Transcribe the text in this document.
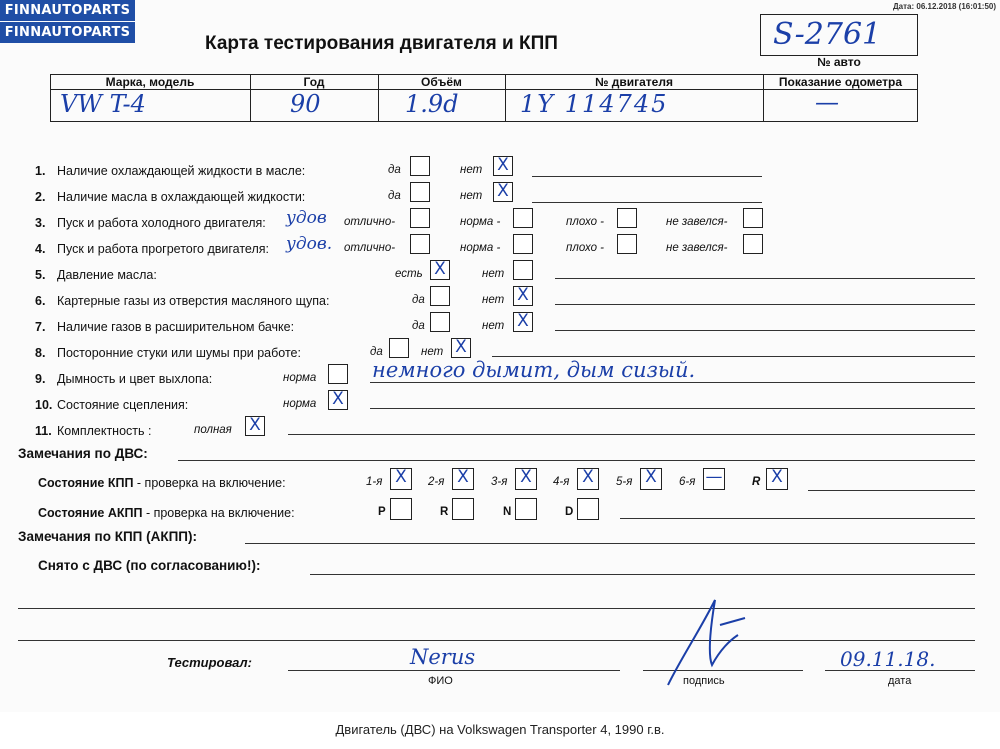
FINNAUTOPARTS
FINNAUTOPARTS
Дата: 06.12.2018 (16:01:50)
Карта тестирования двигателя и КПП	S-2761
№ авто
Марка, модель	Год	Объём	№ двигателя	Показание одометра
VW T-4	90	1.9d	1Y 114745	—
1. Наличие охлаждающей жидкости в масле:	да	нет X
2. Наличие масла в охлаждающей жидкости:	да	нет X
3. Пуск и работа холодного двигателя: удов отлично-	норма -	плохо -	не завелся-
4. Пуск и работа прогретого двигателя: удов. отлично-	норма -	плохо -	не завелся-
5. Давление масла:	есть X	нет
6. Картерные газы из отверстия масляного щупа:	да	нет X
7. Наличие газов в расширительном бачке:	да	нет X
8. Посторонние стуки или шумы при работе:	да	нет X
9. Дымность и цвет выхлопа:	норма	немного дымит, дым сизый.
10. Состояние сцепления:	норма X
11. Комплектность :	полная X
Замечания по ДВС:
Состояние КПП - проверка на включение:	1-я X	2-я X	3-я X	4-я X	5-я X	6-я —	R X
Состояние АКПП - проверка на включение:	P	R	N	D
Замечания по КПП (АКПП):
Снято с ДВС (по согласованию!):
Тестировал:	Nerus	09.11.18.
ФИО	подпись	дата
Двигатель (ДВС) на Volkswagen Transporter 4, 1990 г.в.
